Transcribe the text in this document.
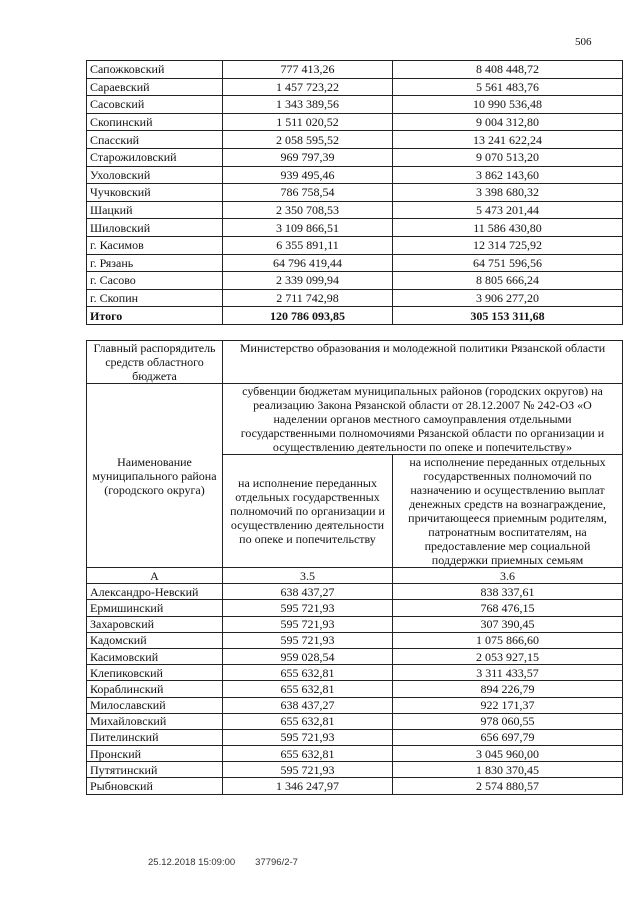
506
Сапожковский	777 413,26	8 408 448,72
Сараевский	1 457 723,22	5 561 483,76
Сасовский	1 343 389,56	10 990 536,48
Скопинский	1 511 020,52	9 004 312,80
Спасский	2 058 595,52	13 241 622,24
Старожиловский	969 797,39	9 070 513,20
Ухоловский	939 495,46	3 862 143,60
Чучковский	786 758,54	3 398 680,32
Шацкий	2 350 708,53	5 473 201,44
Шиловский	3 109 866,51	11 586 430,80
г. Касимов	6 355 891,11	12 314 725,92
г. Рязань	64 796 419,44	64 751 596,56
г. Сасово	2 339 099,94	8 805 666,24
г. Скопин	2 711 742,98	3 906 277,20
Итого	120 786 093,85	305 153 311,68
Главный распорядитель средств областного бюджета	Министерство образования и молодежной политики Рязанской области	
Наименование муниципального района (городского округа)	субвенции бюджетам муниципальных районов (городских округов) на реализацию Закона Рязанской области от 28.12.2007 № 242-ОЗ «О наделении органов местного самоуправления отдельными государственными полномочиями Рязанской области по организации и осуществлению деятельности по опеке и попечительству»	
	на исполнение переданных отдельных государственных полномочий по организации и осуществлению деятельности по опеке и попечительству	на исполнение переданных отдельных государственных полномочий по назначению и осуществлению выплат денежных средств на вознаграждение, причитающееся приемным родителям, патронатным воспитателям, на предоставление мер социальной поддержки приемных семьям
А	3.5	3.6
Александро-Невский	638 437,27	838 337,61
Ермишинский	595 721,93	768 476,15
Захаровский	595 721,93	307 390,45
Кадомский	595 721,93	1 075 866,60
Касимовский	959 028,54	2 053 927,15
Клепиковский	655 632,81	3 311 433,57
Кораблинский	655 632,81	894 226,79
Милославский	638 437,27	922 171,37
Михайловский	655 632,81	978 060,55
Пителинский	595 721,93	656 697,79
Пронский	655 632,81	3 045 960,00
Путятинский	595 721,93	1 830 370,45
Рыбновский	1 346 247,97	2 574 880,57
25.12.2018 15:09:00 37796/2-7
